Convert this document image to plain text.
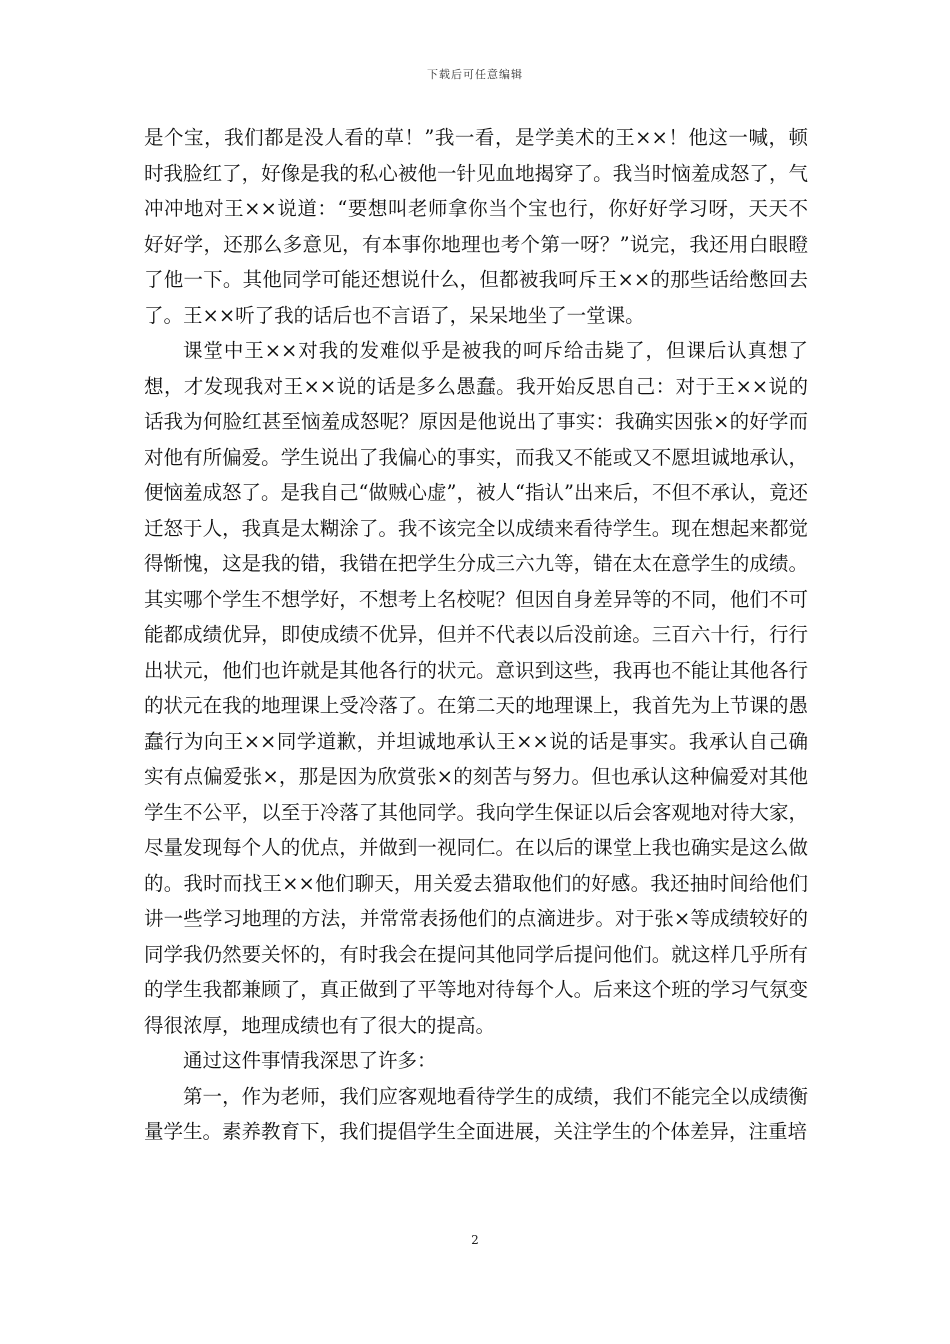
下载后可任意编辑

是个宝，我们都是没人看的草！”我一看，是学美术的王××！他这一喊，顿时我脸红了，好像是我的私心被他一针见血地揭穿了。我当时恼羞成怒了，气冲冲地对王××说道：“要想叫老师拿你当个宝也行，你好好学习呀，天天不好好学，还那么多意见，有本事你地理也考个第一呀？”说完，我还用白眼瞪了他一下。其他同学可能还想说什么，但都被我呵斥王××的那些话给憋回去了。王××听了我的话后也不言语了，呆呆地坐了一堂课。

课堂中王××对我的发难似乎是被我的呵斥给击毙了，但课后认真想了想，才发现我对王××说的话是多么愚蠢。我开始反思自己：对于王××说的话我为何脸红甚至恼羞成怒呢？原因是他说出了事实：我确实因张×的好学而对他有所偏爱。学生说出了我偏心的事实，而我又不能或又不愿坦诚地承认，便恼羞成怒了。是我自己“做贼心虚”，被人“指认”出来后，不但不承认，竟还迁怒于人，我真是太糊涂了。我不该完全以成绩来看待学生。现在想起来都觉得惭愧，这是我的错，我错在把学生分成三六九等，错在太在意学生的成绩。其实哪个学生不想学好，不想考上名校呢？但因自身差异等的不同，他们不可能都成绩优异，即使成绩不优异，但并不代表以后没前途。三百六十行，行行出状元，他们也许就是其他各行的状元。意识到这些，我再也不能让其他各行的状元在我的地理课上受冷落了。在第二天的地理课上，我首先为上节课的愚蠢行为向王××同学道歉，并坦诚地承认王××说的话是事实。我承认自己确实有点偏爱张×，那是因为欣赏张×的刻苦与努力。但也承认这种偏爱对其他学生不公平，以至于冷落了其他同学。我向学生保证以后会客观地对待大家，尽量发现每个人的优点，并做到一视同仁。在以后的课堂上我也确实是这么做的。我时而找王××他们聊天，用关爱去猎取他们的好感。我还抽时间给他们讲一些学习地理的方法，并常常表扬他们的点滴进步。对于张×等成绩较好的同学我仍然要关怀的，有时我会在提问其他同学后提问他们。就这样几乎所有的学生我都兼顾了，真正做到了平等地对待每个人。后来这个班的学习气氛变得很浓厚，地理成绩也有了很大的提高。

通过这件事情我深思了许多：

第一，作为老师，我们应客观地看待学生的成绩，我们不能完全以成绩衡量学生。素养教育下，我们提倡学生全面进展，关注学生的个体差异，注重培

2
